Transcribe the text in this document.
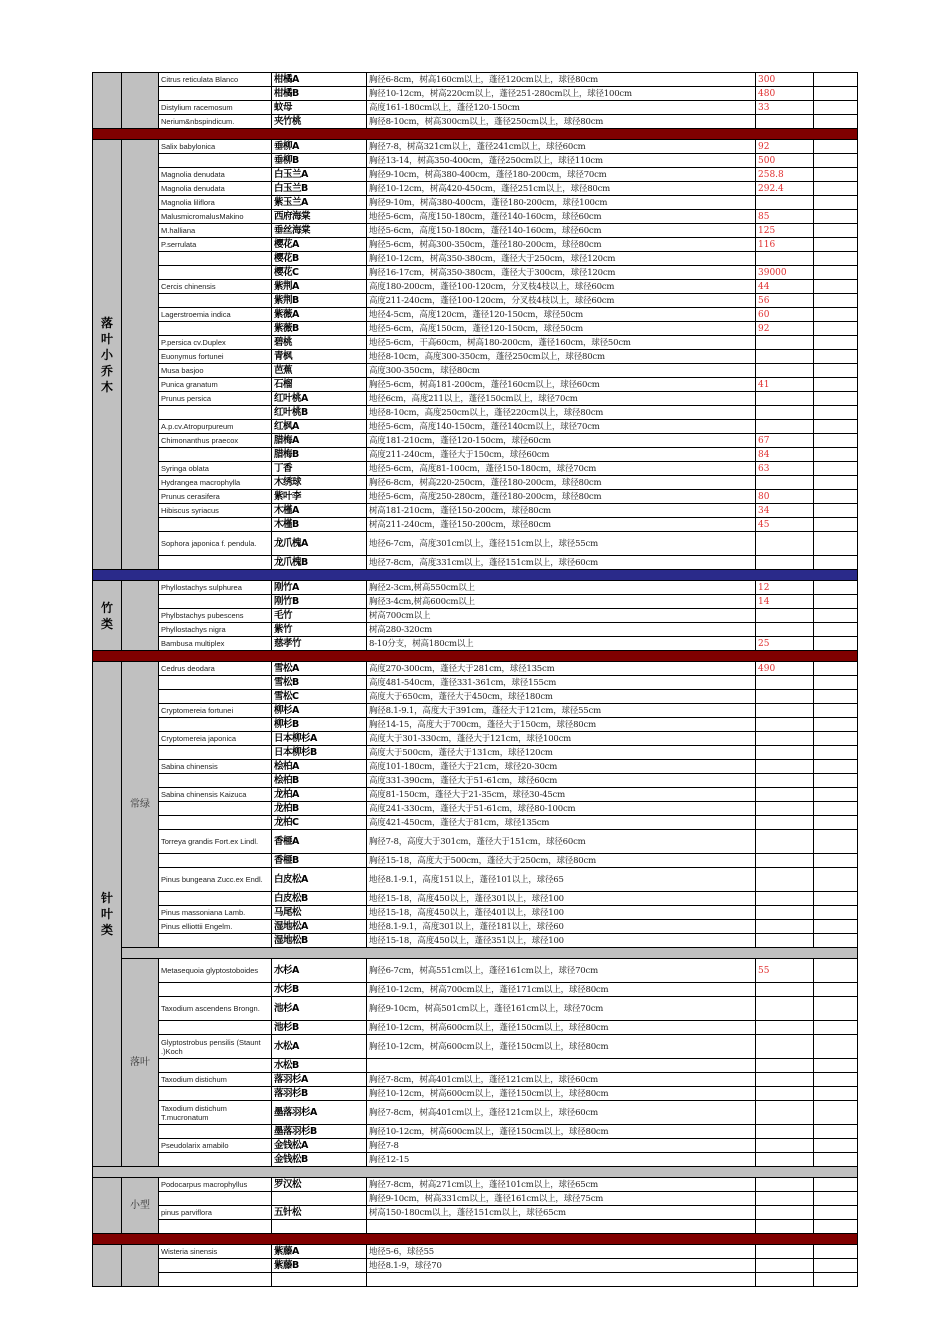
		Citrus reticulata Blanco	柑橘A	胸径6-8cm，树高160cm以上，蓬径120cm以上，球径80cm	300	
			柑橘B	胸径10-12cm，树高220cm以上，蓬径251-280cm以上，球径100cm	480	
		Distylium racemosum	蚊母	高度161-180cm以上，蓬径120-150cm	33	
		Nerium&nbspindicum.	夹竹桃	胸径8-10cm，树高300cm以上，蓬径250cm以上，球径80cm		

落叶小乔木		Salix babylonica	垂柳A	胸径7-8，树高321cm以上，蓬径241cm以上，球径60cm	92	
			垂柳B	胸径13-14，树高350-400cm，蓬径250cm以上，球径110cm	500	
		Magnolia denudata	白玉兰A	胸径9-10cm，树高380-400cm，蓬径180-200cm，球径70cm	258.8	
		Magnolia denudata	白玉兰B	胸径10-12cm，树高420-450cm，蓬径251cm以上，球径80cm	292.4	
		Magnolia liliflora	紫玉兰A	胸径9-10m，树高380-400cm，蓬径180-200cm，球径100cm		
		MalusmicromalusMakino	西府海棠	地径5-6cm，高度150-180cm，蓬径140-160cm，球径60cm	85	
		M.halliana	垂丝海棠	地径5-6cm，高度150-180cm，蓬径140-160cm，球径60cm	125	
		P.serrulata	樱花A	胸径5-6cm，树高300-350cm，蓬径180-200cm，球径80cm	116	
			樱花B	胸径10-12cm，树高350-380cm，蓬径大于250cm，球径120cm		
			樱花C	胸径16-17cm，树高350-380cm，蓬径大于300cm，球径120cm	39000	
		Cercis chinensis	紫荆A	高度180-200cm，蓬径100-120cm，分叉枝4枝以上，球径60cm	44	
			紫荆B	高度211-240cm，蓬径100-120cm，分叉枝4枝以上，球径60cm	56	
		Lagerstroemia indica	紫薇A	地径4-5cm，高度120cm，蓬径120-150cm，球径50cm	60	
			紫薇B	地径5-6cm，高度150cm，蓬径120-150cm，球径50cm	92	
		P.persica cv.Duplex	碧桃	地径5-6cm，干高60cm，树高180-200cm，蓬径160cm，球径50cm		
		Euonymus fortunei	青枫	地径8-10cm，高度300-350cm，蓬径250cm以上，球径80cm		
		Musa basjoo	芭蕉	高度300-350cm，球径80cm		
		Punica granatum	石榴	胸径5-6cm，树高181-200cm，蓬径160cm以上，球径60cm	41	
		Prunus persica	红叶桃A	地径6cm，高度211以上，蓬径150cm以上，球径70cm		
			红叶桃B	地径8-10cm，高度250cm以上，蓬径220cm以上，球径80cm		
		A.p.cv.Atropurpureum	红枫A	地径5-6cm，高度140-150cm，蓬径140cm以上，球径70cm		
		Chimonanthus praecox	腊梅A	高度181-210cm，蓬径120-150cm，球径60cm	67	
			腊梅B	高度211-240cm，蓬径大于150cm，球径60cm	84	
		Syringa oblata	丁香	地径5-6cm，高度81-100cm，蓬径150-180cm，球径70cm	63	
		Hydrangea macrophylla	木绣球	胸径6-8cm，树高220-250cm，蓬径180-200cm，球径80cm		
		Prunus cerasifera	紫叶李	地径5-6cm，高度250-280cm，蓬径180-200cm，球径80cm	80	
		Hibiscus syriacus	木槿A	树高181-210cm，蓬径150-200cm，球径80cm	34	
			木槿B	树高211-240cm，蓬径150-200cm，球径80cm	45	
		Sophora japonica f. pendula.	龙爪槐A	地径6-7cm，高度301cm以上，蓬径151cm以上，球径55cm		
			龙爪槐B	地径7-8cm，高度331cm以上，蓬径151cm以上，球径60cm		

竹类		Phyllostachys sulphurea	刚竹A	胸径2-3cm,树高550cm以上	12	
			刚竹B	胸径3-4cm,树高600cm以上	14	
		Phylbstachys pubescens	毛竹	树高700cm以上		
		Phyllostachys nigra	紫竹	树高280-320cm		
		Bambusa multiplex	慈孝竹	8-10分支，树高180cm以上	25	

针叶类	常绿	Cedrus deodara	雪松A	高度270-300cm，蓬径大于281cm，球径135cm	490	
			雪松B	高度481-540cm，蓬径331-361cm，球径155cm		
			雪松C	高度大于650cm，蓬径大于450cm，球径180cm		
		Cryptomereia fortunei	柳杉A	胸径8.1-9.1，高度大于391cm，蓬径大于121cm，球径55cm		
			柳杉B	胸径14-15，高度大于700cm，蓬径大于150cm，球径80cm		
		Cryptomereia japonica	日本柳杉A	高度大于301-330cm，蓬径大于121cm，球径100cm		
			日本柳杉B	高度大于500cm，蓬径大于131cm，球径120cm		
		Sabina chinensis	桧柏A	高度101-180cm，蓬径大于21cm，球径20-30cm		
			桧柏B	高度331-390cm，蓬径大于51-61cm，球径60cm		
		Sabina chinensis Kaizuca	龙柏A	高度81-150cm，蓬径大于21-35cm，球径30-45cm		
			龙柏B	高度241-330cm，蓬径大于51-61cm，球径80-100cm		
			龙柏C	高度421-450cm，蓬径大于81cm，球径135cm		
		Torreya grandis Fort.ex Lindl.	香榧A	胸径7-8，高度大于301cm，蓬径大于151cm，球径60cm		
			香榧B	胸径15-18，高度大于500cm，蓬径大于250cm，球径80cm		
		Pinus bungeana Zucc.ex Endl.	白皮松A	地径8.1-9.1，高度151以上，蓬径101以上，球径65		
			白皮松B	地径15-18，高度450以上，蓬径301以上，球径100		
		Pinus massoniana Lamb.	马尾松	地径15-18，高度450以上，蓬径401以上，球径100		
		Pinus elliottii Engelm.	湿地松A	地径8.1-9.1，高度301以上，蓬径181以上，球径60		
			湿地松B	地径15-18，高度450以上，蓬径351以上，球径100		

	落叶	Metasequoia glyptostoboides	水杉A	胸径6-7cm，树高551cm以上，蓬径161cm以上，球径70cm	55	
			水杉B	胸径10-12cm，树高700cm以上，蓬径171cm以上，球径80cm		
		Taxodium ascendens Brongn.	池杉A	胸径9-10cm，树高501cm以上，蓬径161cm以上，球径70cm		
			池杉B	胸径10-12cm，树高600cm以上，蓬径150cm以上，球径80cm		
		Glyptostrobus pensilis (Staunt .)Koch	水松A	胸径10-12cm，树高600cm以上，蓬径150cm以上，球径80cm		
			水松B			
		Taxodium distichum	落羽杉A	胸径7-8cm，树高401cm以上，蓬径121cm以上，球径60cm		
			落羽杉B	胸径10-12cm，树高600cm以上，蓬径150cm以上，球径80cm		
		Taxodium distichum T.mucronatum	墨落羽杉A	胸径7-8cm，树高401cm以上，蓬径121cm以上，球径60cm		
			墨落羽杉B	胸径10-12cm，树高600cm以上，蓬径150cm以上，球径80cm		
		Pseudolarix amabilo	金钱松A	胸径7-8		
			金钱松B	胸径12-15		

	小型	Podocarpus macrophyllus	罗汉松	胸径7-8cm，树高271cm以上，蓬径101cm以上，球径65cm		
				胸径9-10cm，树高331cm以上，蓬径161cm以上，球径75cm		
		pinus parviflora	五针松	树高150-180cm以上，蓬径151cm以上，球径65cm		

		Wisteria sinensis	紫藤A	地径5-6，球径55		
			紫藤B	地径8.1-9，球径70		
